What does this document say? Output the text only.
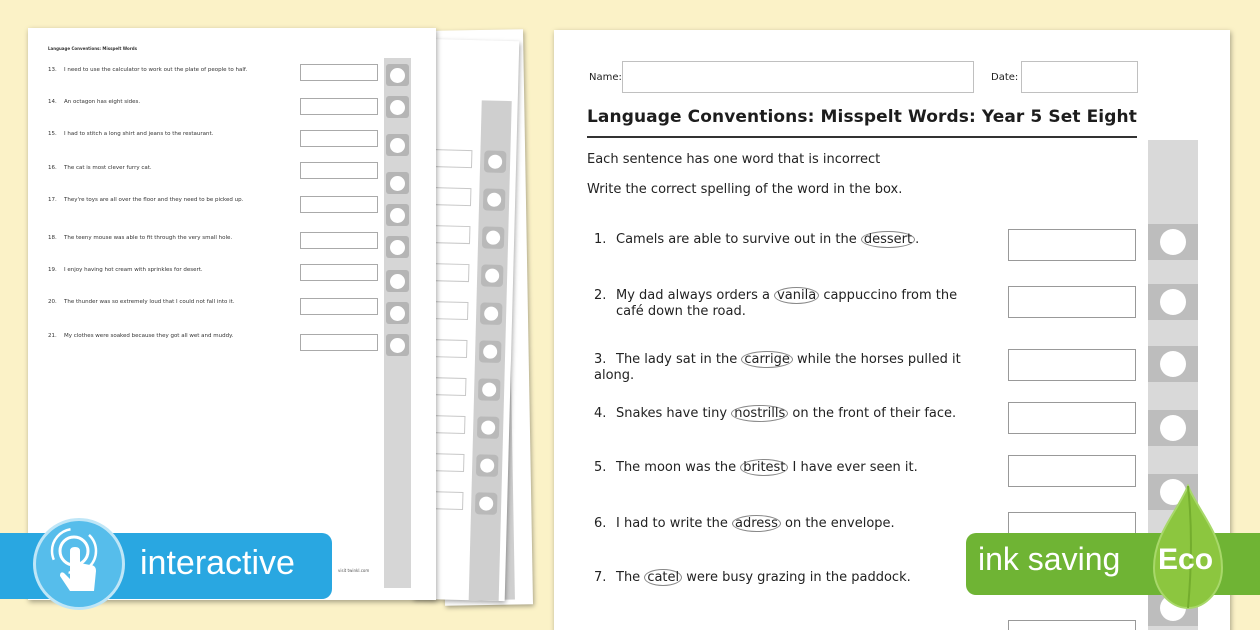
Language Conventions: Misspelt Words
13. I need to use the calculator to work out the plate of people to half.
14. An octagon has eight sides.
15. I had to stitch a long shirt and jeans to the restaurant.
16. The cat is most clever furry cat.
17. They're toys are all over the floor and they need to be picked up.
18. The teeny mouse was able to fit through the very small hole.
19. I enjoy having hot cream with sprinkles for desert.
20. The thunder was so extremely loud that I could not fall into it.
21. My clothes were soaked because they got all wet and muddy.
visit twinkl.com
Name:	Date:
Language Conventions: Misspelt Words: Year 5 Set Eight
Each sentence has one word that is incorrect
Write the correct spelling of the word in the box.
1. Camels are able to survive out in the dessert .
2. My dad always orders a vanila cappuccino from the
café down the road.
3. The lady sat in the carrige while the horses pulled it along.
4. Snakes have tiny nostrills on the front of their face.
5. The moon was the britest I have ever seen it.
6. I had to write the adress on the envelope.
7. The catel were busy grazing in the paddock.
interactive	ink saving Eco
